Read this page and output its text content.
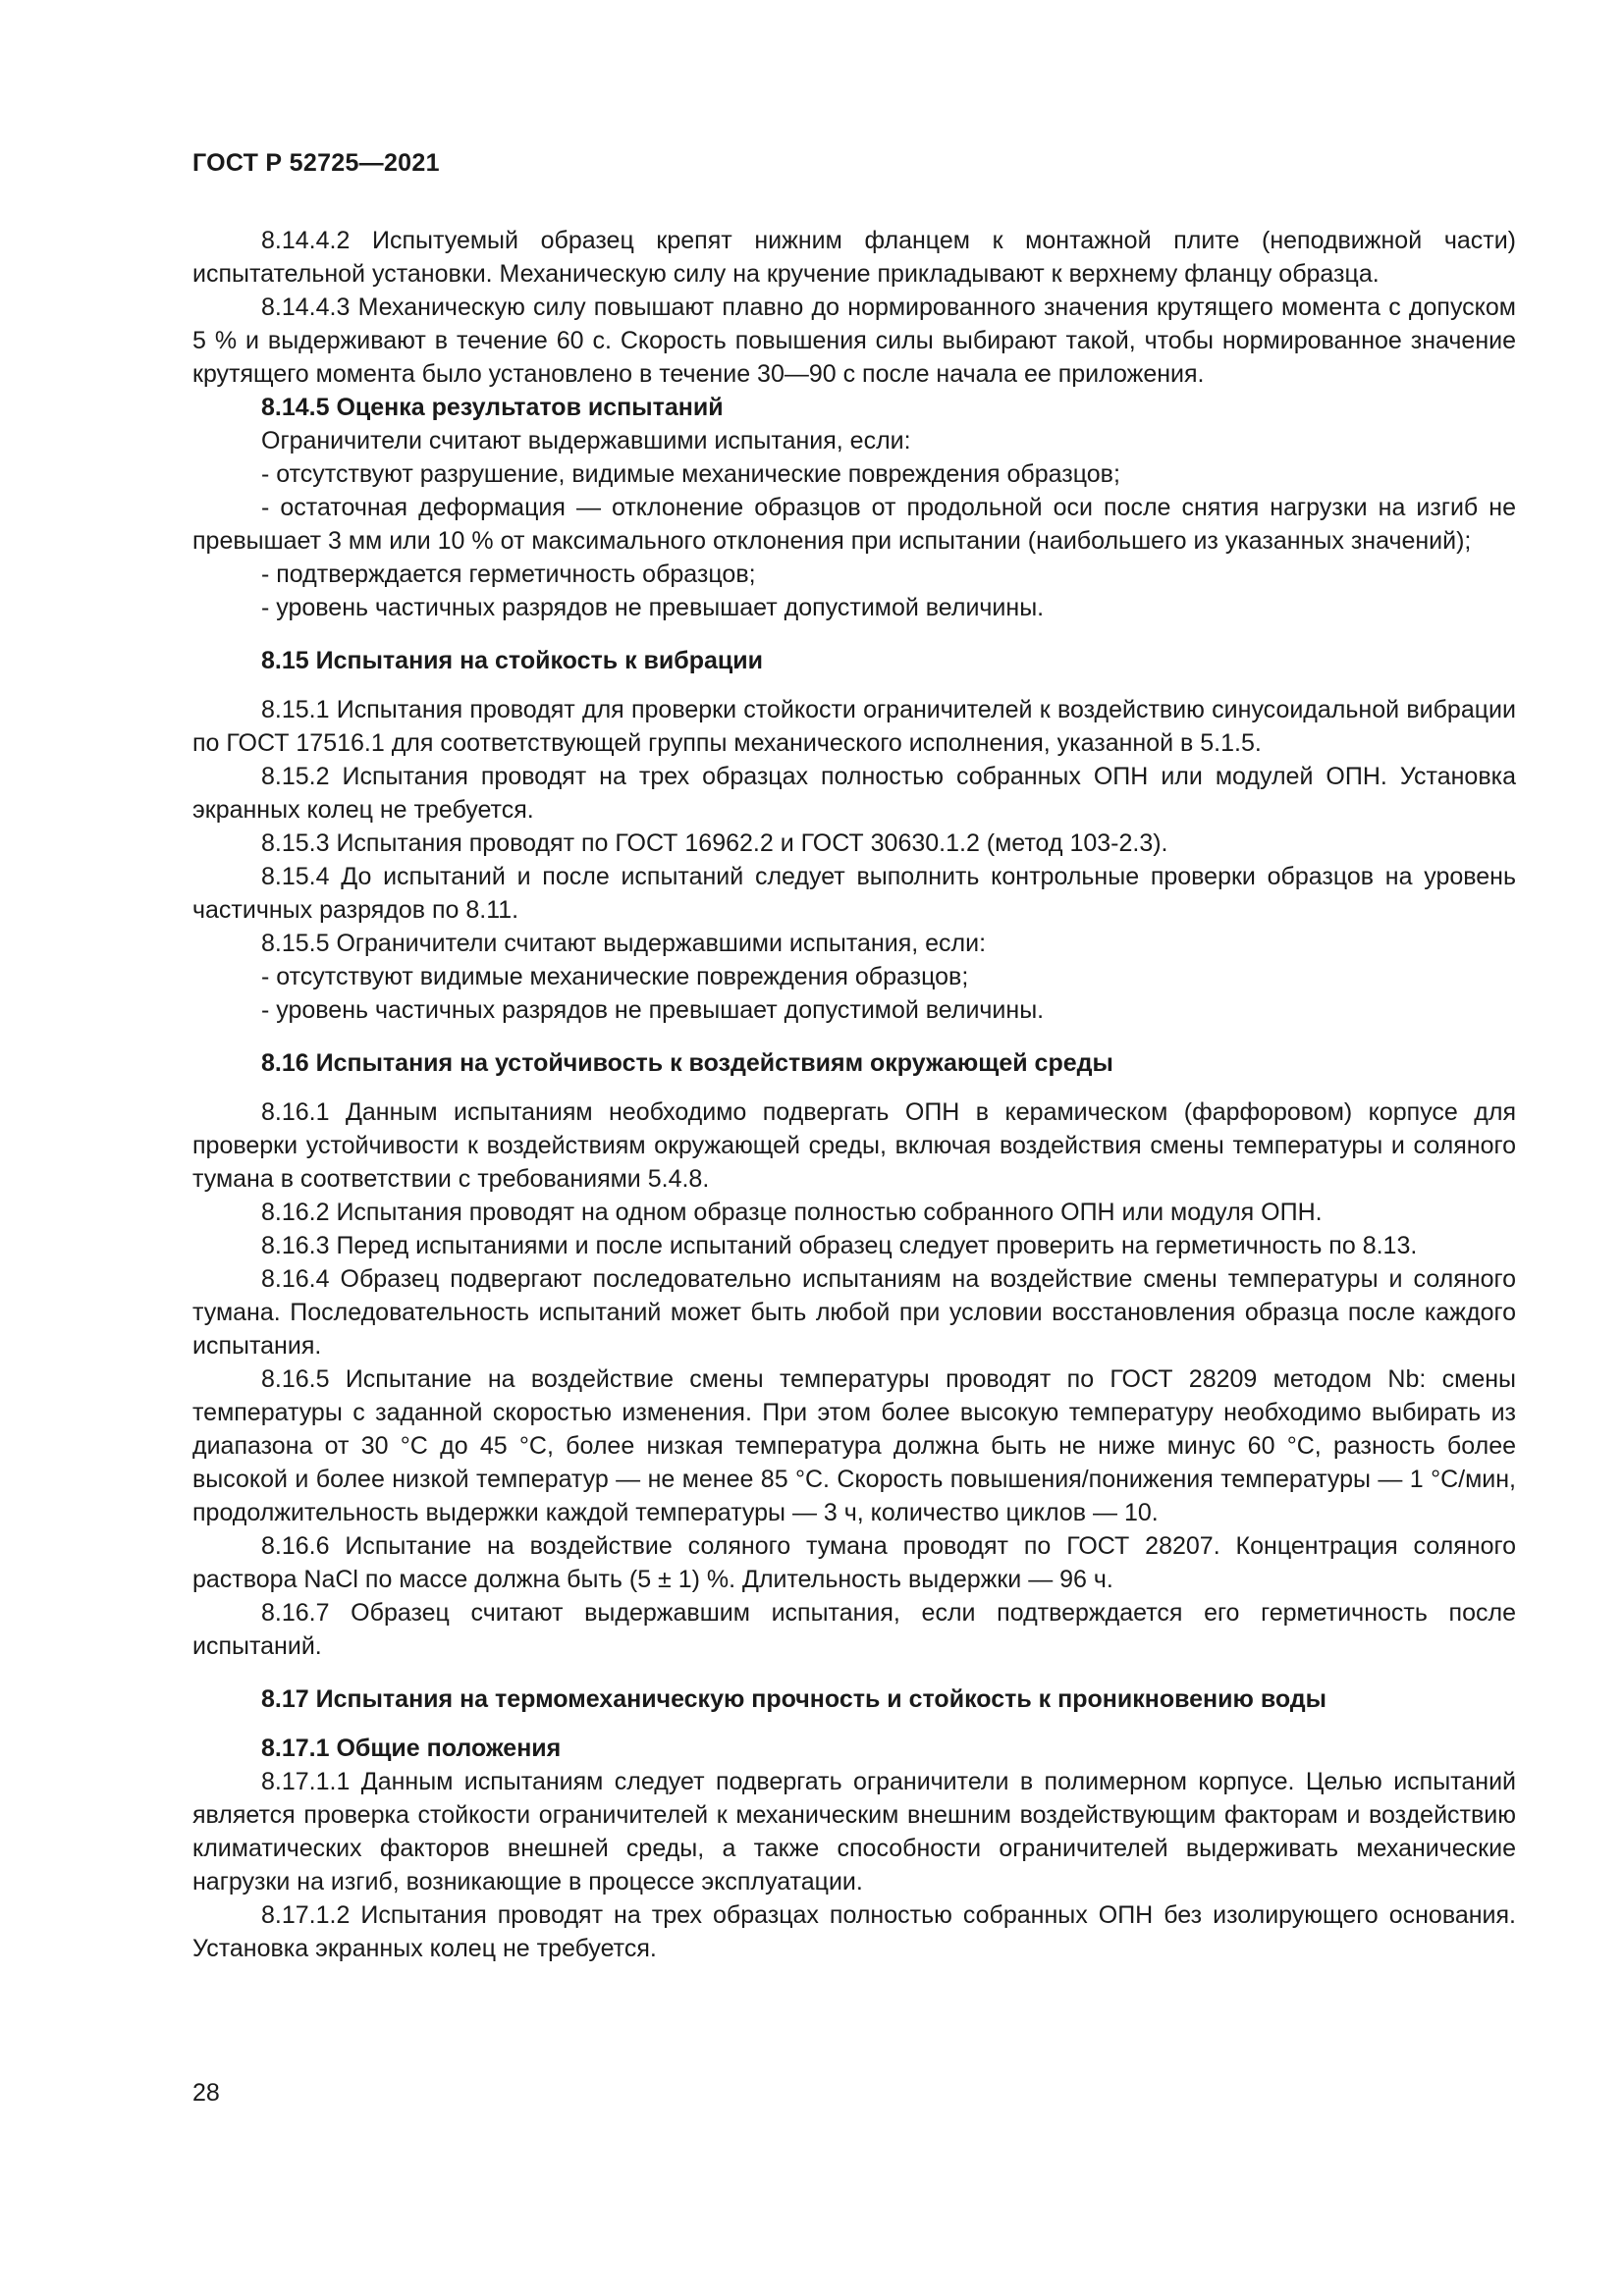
ГОСТ Р 52725—2021

8.14.4.2 Испытуемый образец крепят нижним фланцем к монтажной плите (неподвижной части) испытательной установки. Механическую силу на кручение прикладывают к верхнему фланцу образца.

8.14.4.3 Механическую силу повышают плавно до нормированного значения крутящего момента с допуском 5 % и выдерживают в течение 60 с. Скорость повышения силы выбирают такой, чтобы нормированное значение крутящего момента было установлено в течение 30—90 с после начала ее приложения.

8.14.5 Оценка результатов испытаний

Ограничители считают выдержавшими испытания, если:

- отсутствуют разрушение, видимые механические повреждения образцов;

- остаточная деформация — отклонение образцов от продольной оси после снятия нагрузки на изгиб не превышает 3 мм или 10 % от максимального отклонения при испытании (наибольшего из указанных значений);

- подтверждается герметичность образцов;

- уровень частичных разрядов не превышает допустимой величины.

8.15 Испытания на стойкость к вибрации

8.15.1 Испытания проводят для проверки стойкости ограничителей к воздействию синусоидальной вибрации по ГОСТ 17516.1 для соответствующей группы механического исполнения, указанной в 5.1.5.

8.15.2 Испытания проводят на трех образцах полностью собранных ОПН или модулей ОПН. Установка экранных колец не требуется.

8.15.3 Испытания проводят по ГОСТ 16962.2 и ГОСТ 30630.1.2 (метод 103-2.3).

8.15.4 До испытаний и после испытаний следует выполнить контрольные проверки образцов на уровень частичных разрядов по 8.11.

8.15.5 Ограничители считают выдержавшими испытания, если:

- отсутствуют видимые механические повреждения образцов;

- уровень частичных разрядов не превышает допустимой величины.

8.16 Испытания на устойчивость к воздействиям окружающей среды

8.16.1 Данным испытаниям необходимо подвергать ОПН в керамическом (фарфоровом) корпусе для проверки устойчивости к воздействиям окружающей среды, включая воздействия смены температуры и соляного тумана в соответствии с требованиями 5.4.8.

8.16.2 Испытания проводят на одном образце полностью собранного ОПН или модуля ОПН.

8.16.3 Перед испытаниями и после испытаний образец следует проверить на герметичность по 8.13.

8.16.4 Образец подвергают последовательно испытаниям на воздействие смены температуры и соляного тумана. Последовательность испытаний может быть любой при условии восстановления образца после каждого испытания.

8.16.5 Испытание на воздействие смены температуры проводят по ГОСТ 28209 методом Nb: смены температуры с заданной скоростью изменения. При этом более высокую температуру необходимо выбирать из диапазона от 30 °С до 45 °С, более низкая температура должна быть не ниже минус 60 °С, разность более высокой и более низкой температур — не менее 85 °С. Скорость повышения/понижения температуры — 1 °С/мин, продолжительность выдержки каждой температуры — 3 ч, количество циклов — 10.

8.16.6 Испытание на воздействие соляного тумана проводят по ГОСТ 28207. Концентрация соляного раствора NaCl по массе должна быть (5 ± 1) %. Длительность выдержки — 96 ч.

8.16.7 Образец считают выдержавшим испытания, если подтверждается его герметичность после испытаний.

8.17 Испытания на термомеханическую прочность и стойкость к проникновению воды

8.17.1 Общие положения

8.17.1.1 Данным испытаниям следует подвергать ограничители в полимерном корпусе. Целью испытаний является проверка стойкости ограничителей к механическим внешним воздействующим факторам и воздействию климатических факторов внешней среды, а также способности ограничителей выдерживать механические нагрузки на изгиб, возникающие в процессе эксплуатации.

8.17.1.2 Испытания проводят на трех образцах полностью собранных ОПН без изолирующего основания. Установка экранных колец не требуется.

28
